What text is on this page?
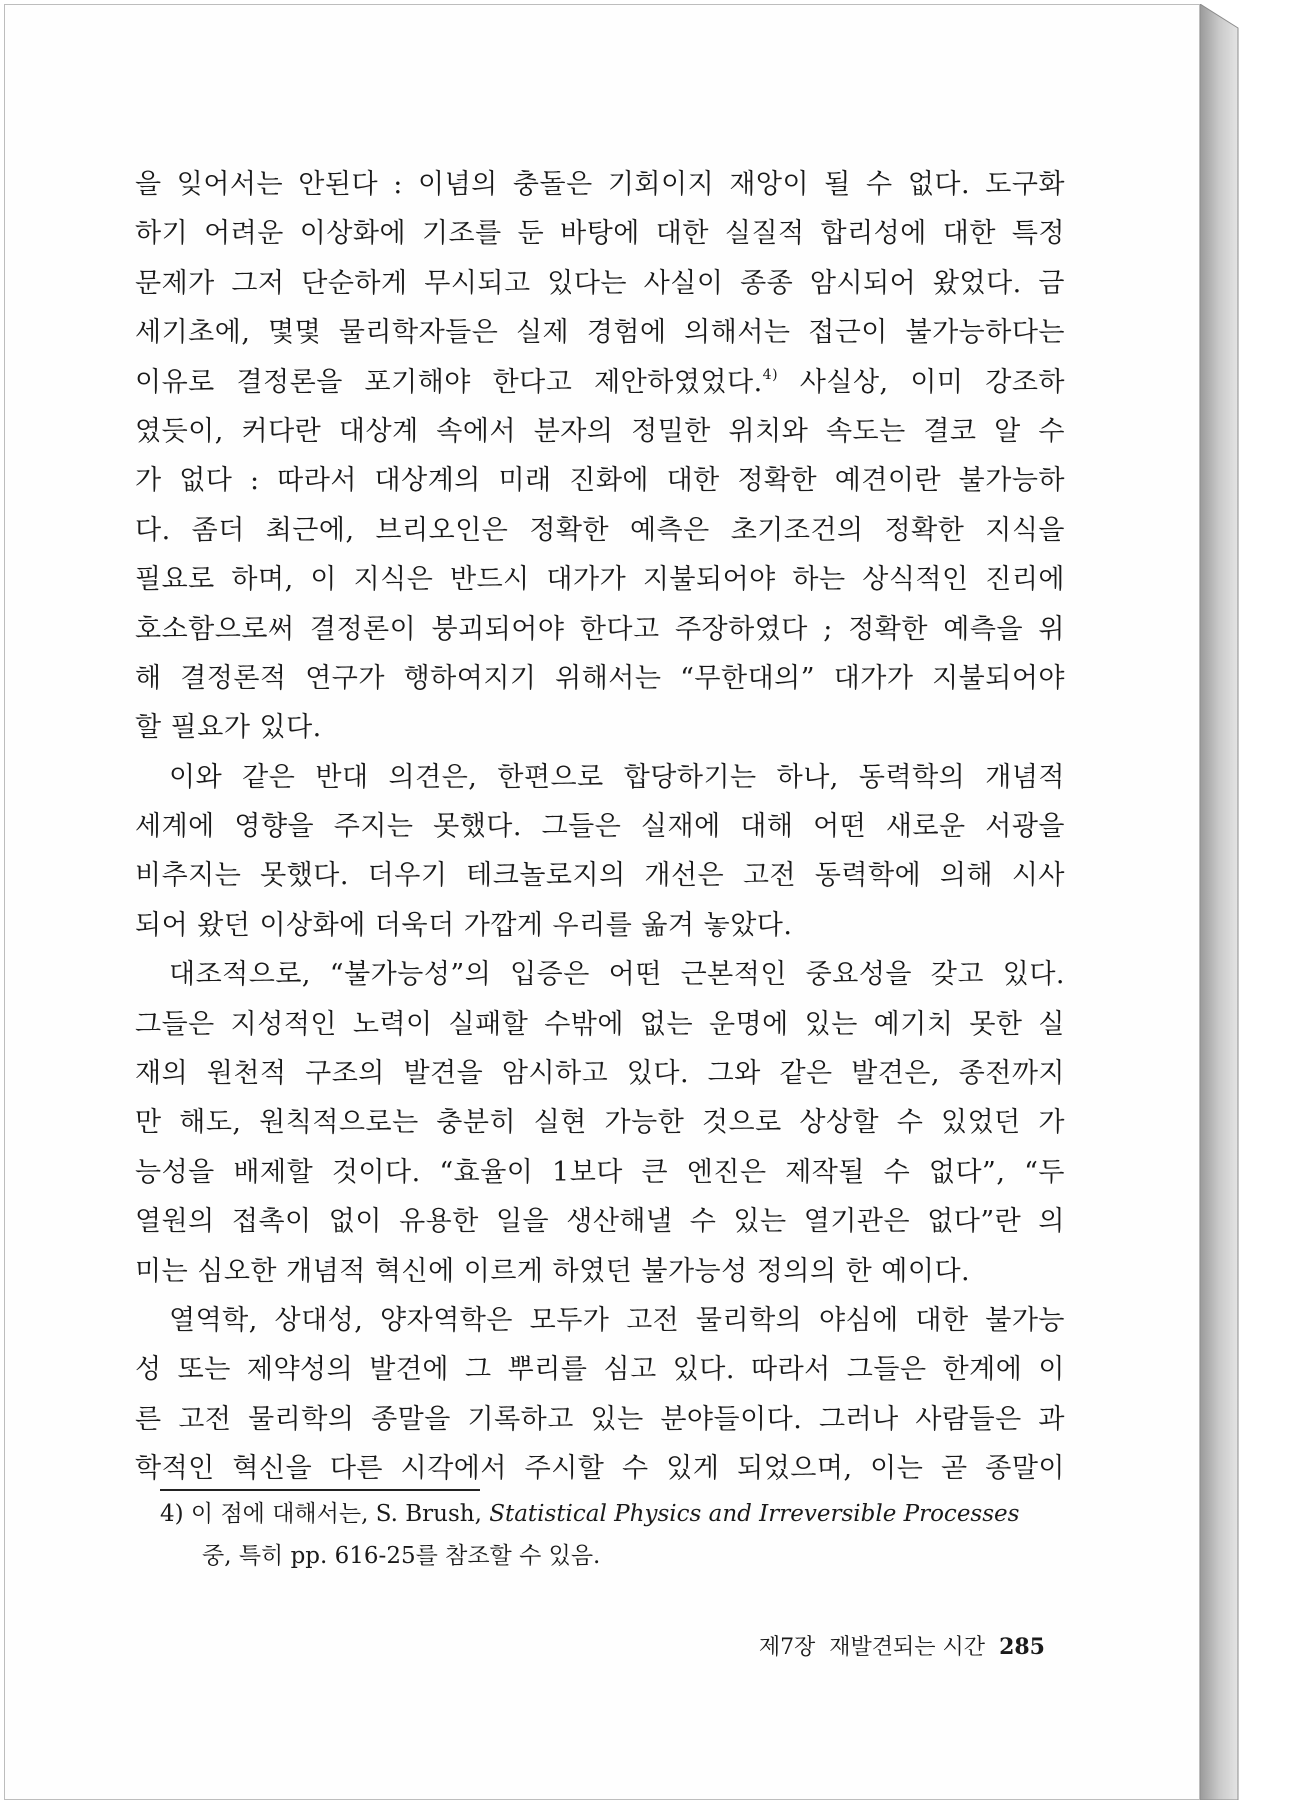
을 잊어서는 안된다 : 이념의 충돌은 기회이지 재앙이 될 수 없다. 도구화
하기 어려운 이상화에 기조를 둔 바탕에 대한 실질적 합리성에 대한 특정
문제가 그저 단순하게 무시되고 있다는 사실이 종종 암시되어 왔었다. 금
세기초에, 몇몇 물리학자들은 실제 경험에 의해서는 접근이 불가능하다는
이유로 결정론을 포기해야 한다고 제안하였었다.$^{4)}$ 사실상, 이미 강조하
였듯이, 커다란 대상계 속에서 분자의 정밀한 위치와 속도는 결코 알 수
가 없다 : 따라서 대상계의 미래 진화에 대한 정확한 예견이란 불가능하
다. 좀더 최근에, 브리오인은 정확한 예측은 초기조건의 정확한 지식을
필요로 하며, 이 지식은 반드시 대가가 지불되어야 하는 상식적인 진리에
호소함으로써 결정론이 붕괴되어야 한다고 주장하였다 ; 정확한 예측을 위
해 결정론적 연구가 행하여지기 위해서는 “무한대의” 대가가 지불되어야
할 필요가 있다.
이와 같은 반대 의견은, 한편으로 합당하기는 하나, 동력학의 개념적
세계에 영향을 주지는 못했다. 그들은 실재에 대해 어떤 새로운 서광을
비추지는 못했다. 더우기 테크놀로지의 개선은 고전 동력학에 의해 시사
되어 왔던 이상화에 더욱더 가깝게 우리를 옮겨 놓았다.
대조적으로, “불가능성”의 입증은 어떤 근본적인 중요성을 갖고 있다.
그들은 지성적인 노력이 실패할 수밖에 없는 운명에 있는 예기치 못한 실
재의 원천적 구조의 발견을 암시하고 있다. 그와 같은 발견은, 종전까지
만 해도, 원칙적으로는 충분히 실현 가능한 것으로 상상할 수 있었던 가
능성을 배제할 것이다. “효율이 1보다 큰 엔진은 제작될 수 없다”, “두
열원의 접촉이 없이 유용한 일을 생산해낼 수 있는 열기관은 없다”란 의
미는 심오한 개념적 혁신에 이르게 하였던 불가능성 정의의 한 예이다.
열역학, 상대성, 양자역학은 모두가 고전 물리학의 야심에 대한 불가능
성 또는 제약성의 발견에 그 뿌리를 심고 있다. 따라서 그들은 한계에 이
른 고전 물리학의 종말을 기록하고 있는 분야들이다. 그러나 사람들은 과
학적인 혁신을 다른 시각에서 주시할 수 있게 되었으며, 이는 곧 종말이
4) 이 점에 대해서는, S. Brush, Statistical Physics and Irreversible Processes
중, 특히 pp. 616-25를 참조할 수 있음.
제7장  재발견되는 시간 285
